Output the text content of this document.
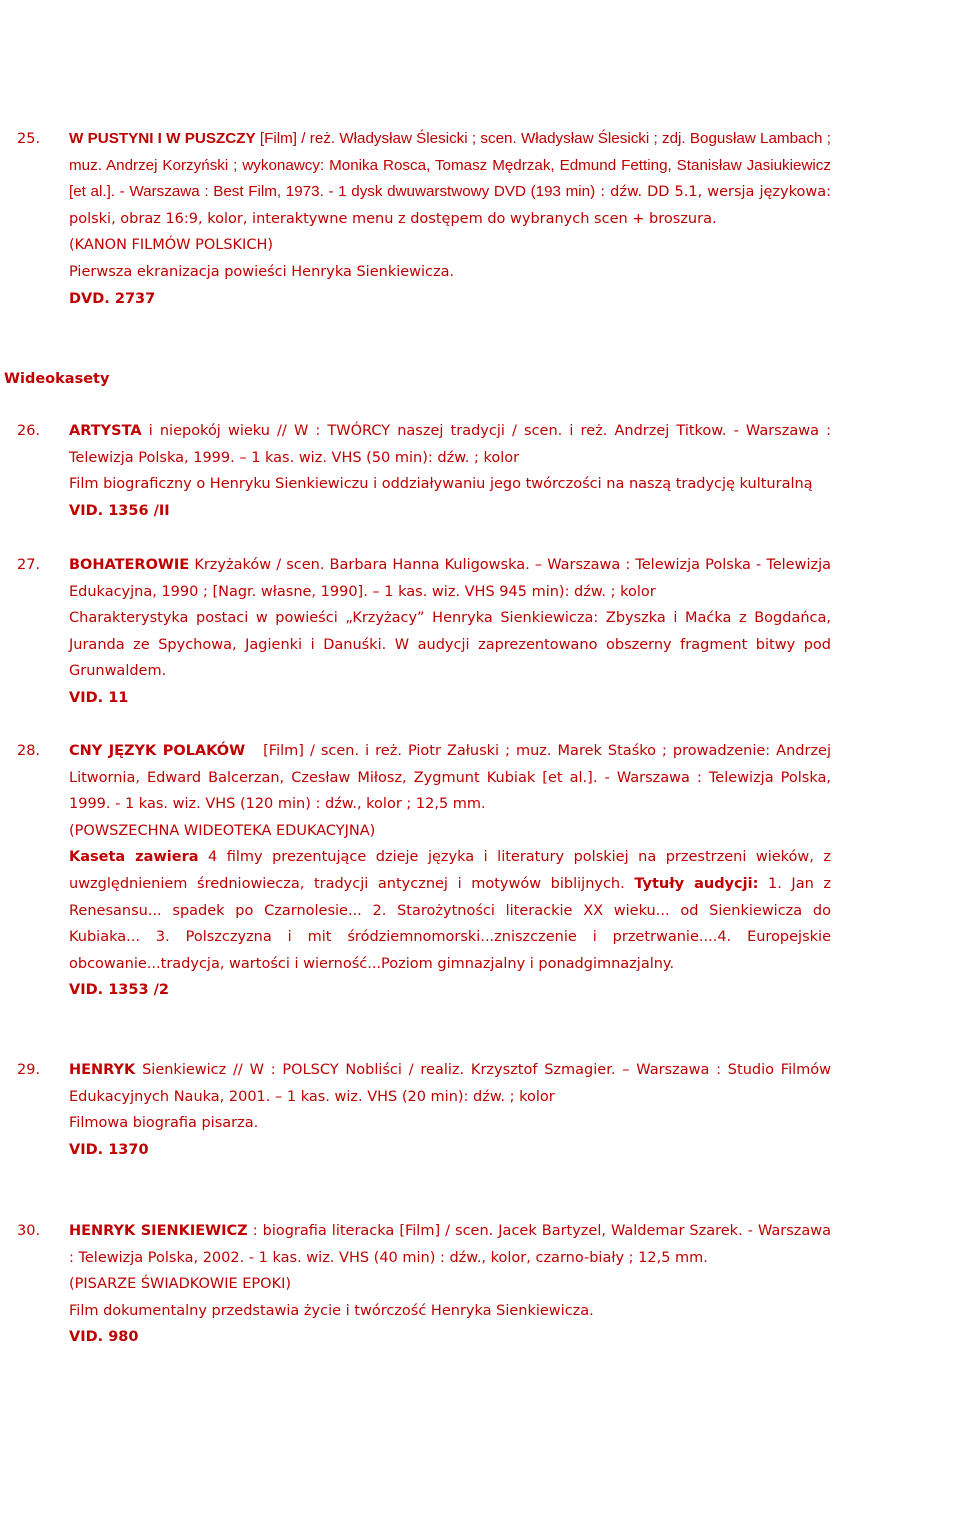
25. W PUSTYNI I W PUSZCZY [Film] / reż. Władysław Ślesicki ; scen. Władysław Ślesicki ; zdj. Bogusław Lambach ; muz. Andrzej Korzyński ; wykonawcy: Monika Rosca, Tomasz Mędrzak, Edmund Fetting, Stanisław Jasiukiewicz [et al.]. - Warszawa : Best Film, 1973. - 1 dysk dwuwarstwowy DVD (193 min) : dźw. DD 5.1, wersja językowa: polski, obraz 16:9, kolor, interaktywne menu z dostępem do wybranych scen + broszura.

(KANON FILMÓW POLSKICH)

Pierwsza ekranizacja powieści Henryka Sienkiewicza.

DVD. 2737

Wideokasety
26. ARTYSTA i niepokój wieku // W : TWÓRCY naszej tradycji / scen. i reż. Andrzej Titkow. - Warszawa : Telewizja Polska, 1999. – 1 kas. wiz. VHS (50 min): dźw. ; kolor

Film biograficzny o Henryku Sienkiewiczu i oddziaływaniu jego twórczości na naszą tradycję kulturalną

VID. 1356 /II

27. BOHATEROWIE Krzyżaków / scen. Barbara Hanna Kuligowska. – Warszawa : Telewizja Polska - Telewizja Edukacyjna, 1990 ; [Nagr. własne, 1990]. – 1 kas. wiz. VHS 945 min): dźw. ; kolor

Charakterystyka postaci w powieści „Krzyżacy” Henryka Sienkiewicza: Zbyszka i Maćka z Bogdańca, Juranda ze Spychowa, Jagienki i Danuśki. W audycji zaprezentowano obszerny fragment bitwy pod Grunwaldem.

VID. 11

28. CNY JĘZYK POLAKÓW   [Film] / scen. i reż. Piotr Załuski ; muz. Marek Staśko ; prowadzenie: Andrzej Litwornia, Edward Balcerzan, Czesław Miłosz, Zygmunt Kubiak [et al.]. - Warszawa : Telewizja Polska, 1999. - 1 kas. wiz. VHS (120 min) : dźw., kolor ; 12,5 mm.

(POWSZECHNA WIDEOTEKA EDUKACYJNA)

Kaseta zawiera 4 filmy prezentujące dzieje języka i literatury polskiej na przestrzeni wieków, z uwzględnieniem średniowiecza, tradycji antycznej i motywów biblijnych. Tytuły audycji: 1. Jan z Renesansu... spadek po Czarnolesie... 2. Starożytności literackie XX wieku... od Sienkiewicza do Kubiaka... 3. Polszczyzna i mit śródziemnomorski...zniszczenie i przetrwanie....4. Europejskie obcowanie...tradycja, wartości i wierność...Poziom gimnazjalny i ponadgimnazjalny.

VID. 1353 /2

29. HENRYK Sienkiewicz // W : POLSCY Nobliści / realiz. Krzysztof Szmagier. – Warszawa : Studio Filmów Edukacyjnych Nauka, 2001. – 1 kas. wiz. VHS (20 min): dźw. ; kolor

Filmowa biografia pisarza.

VID. 1370

30. HENRYK SIENKIEWICZ : biografia literacka [Film] / scen. Jacek Bartyzel, Waldemar Szarek. - Warszawa : Telewizja Polska, 2002. - 1 kas. wiz. VHS (40 min) : dźw., kolor, czarno-biały ; 12,5 mm.

(PISARZE ŚWIADKOWIE EPOKI)

Film dokumentalny przedstawia życie i twórczość Henryka Sienkiewicza.

VID. 980
